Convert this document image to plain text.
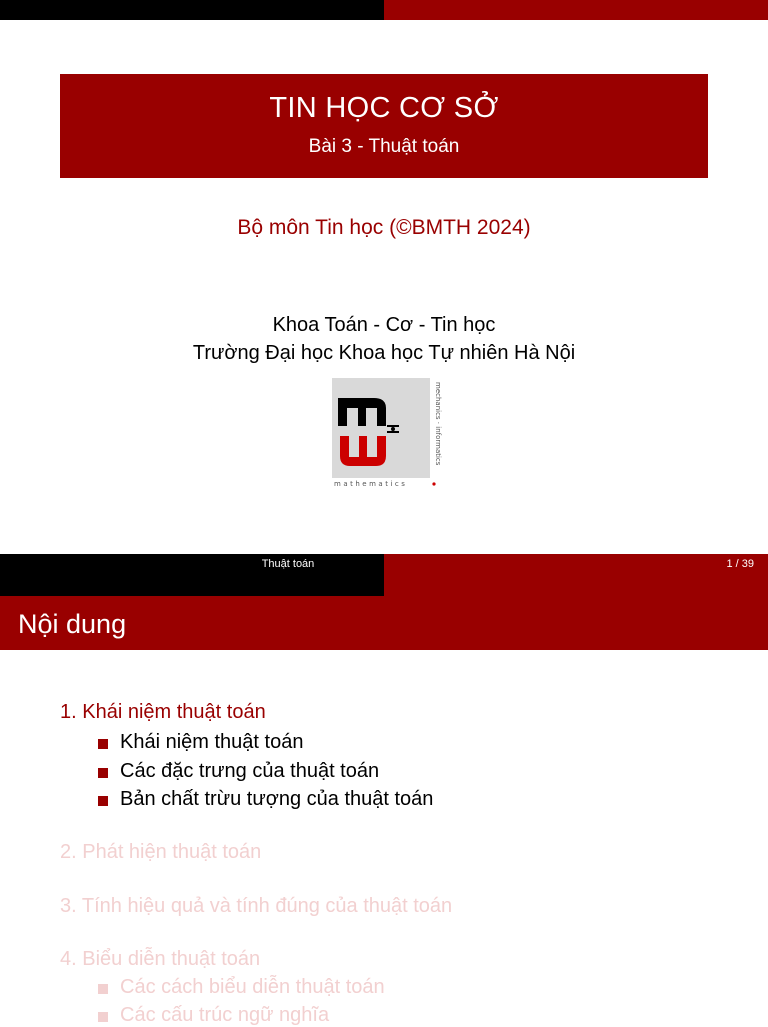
TIN HỌC CƠ SỞ
Bài 3 - Thuật toán
Bộ môn Tin học (©BMTH 2024)
Khoa Toán - Cơ - Tin học
Trường Đại học Khoa học Tự nhiên Hà Nội
mechanics · informatics
mathematics
Thuật toán	1 / 39
Nội dung
1. Khái niệm thuật toán
Khái niệm thuật toán
Các đặc trưng của thuật toán
Bản chất trừu tượng của thuật toán
2. Phát hiện thuật toán
3. Tính hiệu quả và tính đúng của thuật toán
4. Biểu diễn thuật toán
Các cách biểu diễn thuật toán
Các cấu trúc ngữ nghĩa
